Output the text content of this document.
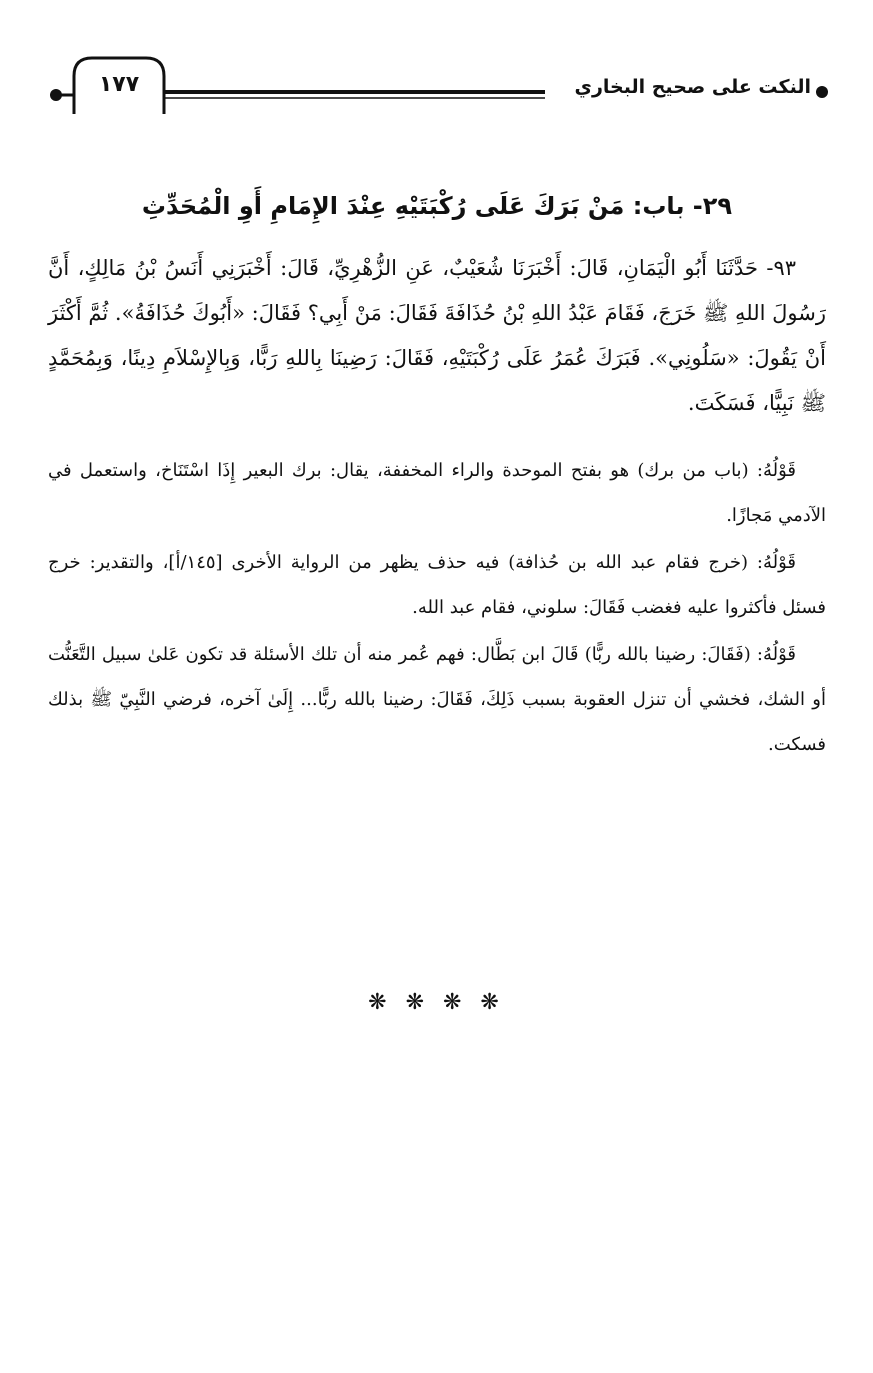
١٧٧	النكت على صحيح البخاري
٢٩- باب: مَنْ بَرَكَ عَلَى رُكْبَتَيْهِ عِنْدَ الإِمَامِ أَوِ الْمُحَدِّثِ

٩٣- حَدَّثَنَا أَبُو الْيَمَانِ، قَالَ: أَخْبَرَنَا شُعَيْبٌ، عَنِ الزُّهْرِيِّ، قَالَ: أَخْبَرَنِي أَنَسُ بْنُ مَالِكٍ، أَنَّ رَسُولَ اللهِ ﷺ خَرَجَ، فَقَامَ عَبْدُ اللهِ بْنُ حُذَافَةَ فَقَالَ: مَنْ أَبِي؟ فَقَالَ: «أَبُوكَ حُذَافَةُ». ثُمَّ أَكْثَرَ أَنْ يَقُولَ: «سَلُونِي». فَبَرَكَ عُمَرُ عَلَى رُكْبَتَيْهِ، فَقَالَ: رَضِينَا بِاللهِ رَبًّا، وَبِالإِسْلاَمِ دِينًا، وَبِمُحَمَّدٍ ﷺ نَبِيًّا، فَسَكَتَ.

قَوْلُهُ: (باب من برك) هو بفتح الموحدة والراء المخففة، يقال: برك البعير إِذَا اسْتَنَاخ، واستعمل في الآدمي مَجازًا.

قَوْلُهُ: (خرج فقام عبد الله بن حُذافة) فيه حذف يظهر من الرواية الأخرى [١٤٥/أ]، والتقدير: خرج فسئل فأكثروا عليه فغضب فَقَالَ: سلوني، فقام عبد الله.

قَوْلُهُ: (فَقَالَ: رضينا بالله ربًّا) قَالَ ابن بَطَّال: فهم عُمر منه أن تلك الأسئلة قد تكون عَلىٰ سبيل التَّعَنُّت أو الشك، فخشي أن تنزل العقوبة بسبب ذَلِكَ، فَقَالَ: رضينا بالله ربًّا... إِلَىٰ آخره، فرضي النَّبِيّ ﷺ بذلك فسكت.

❋ ❋ ❋ ❋
